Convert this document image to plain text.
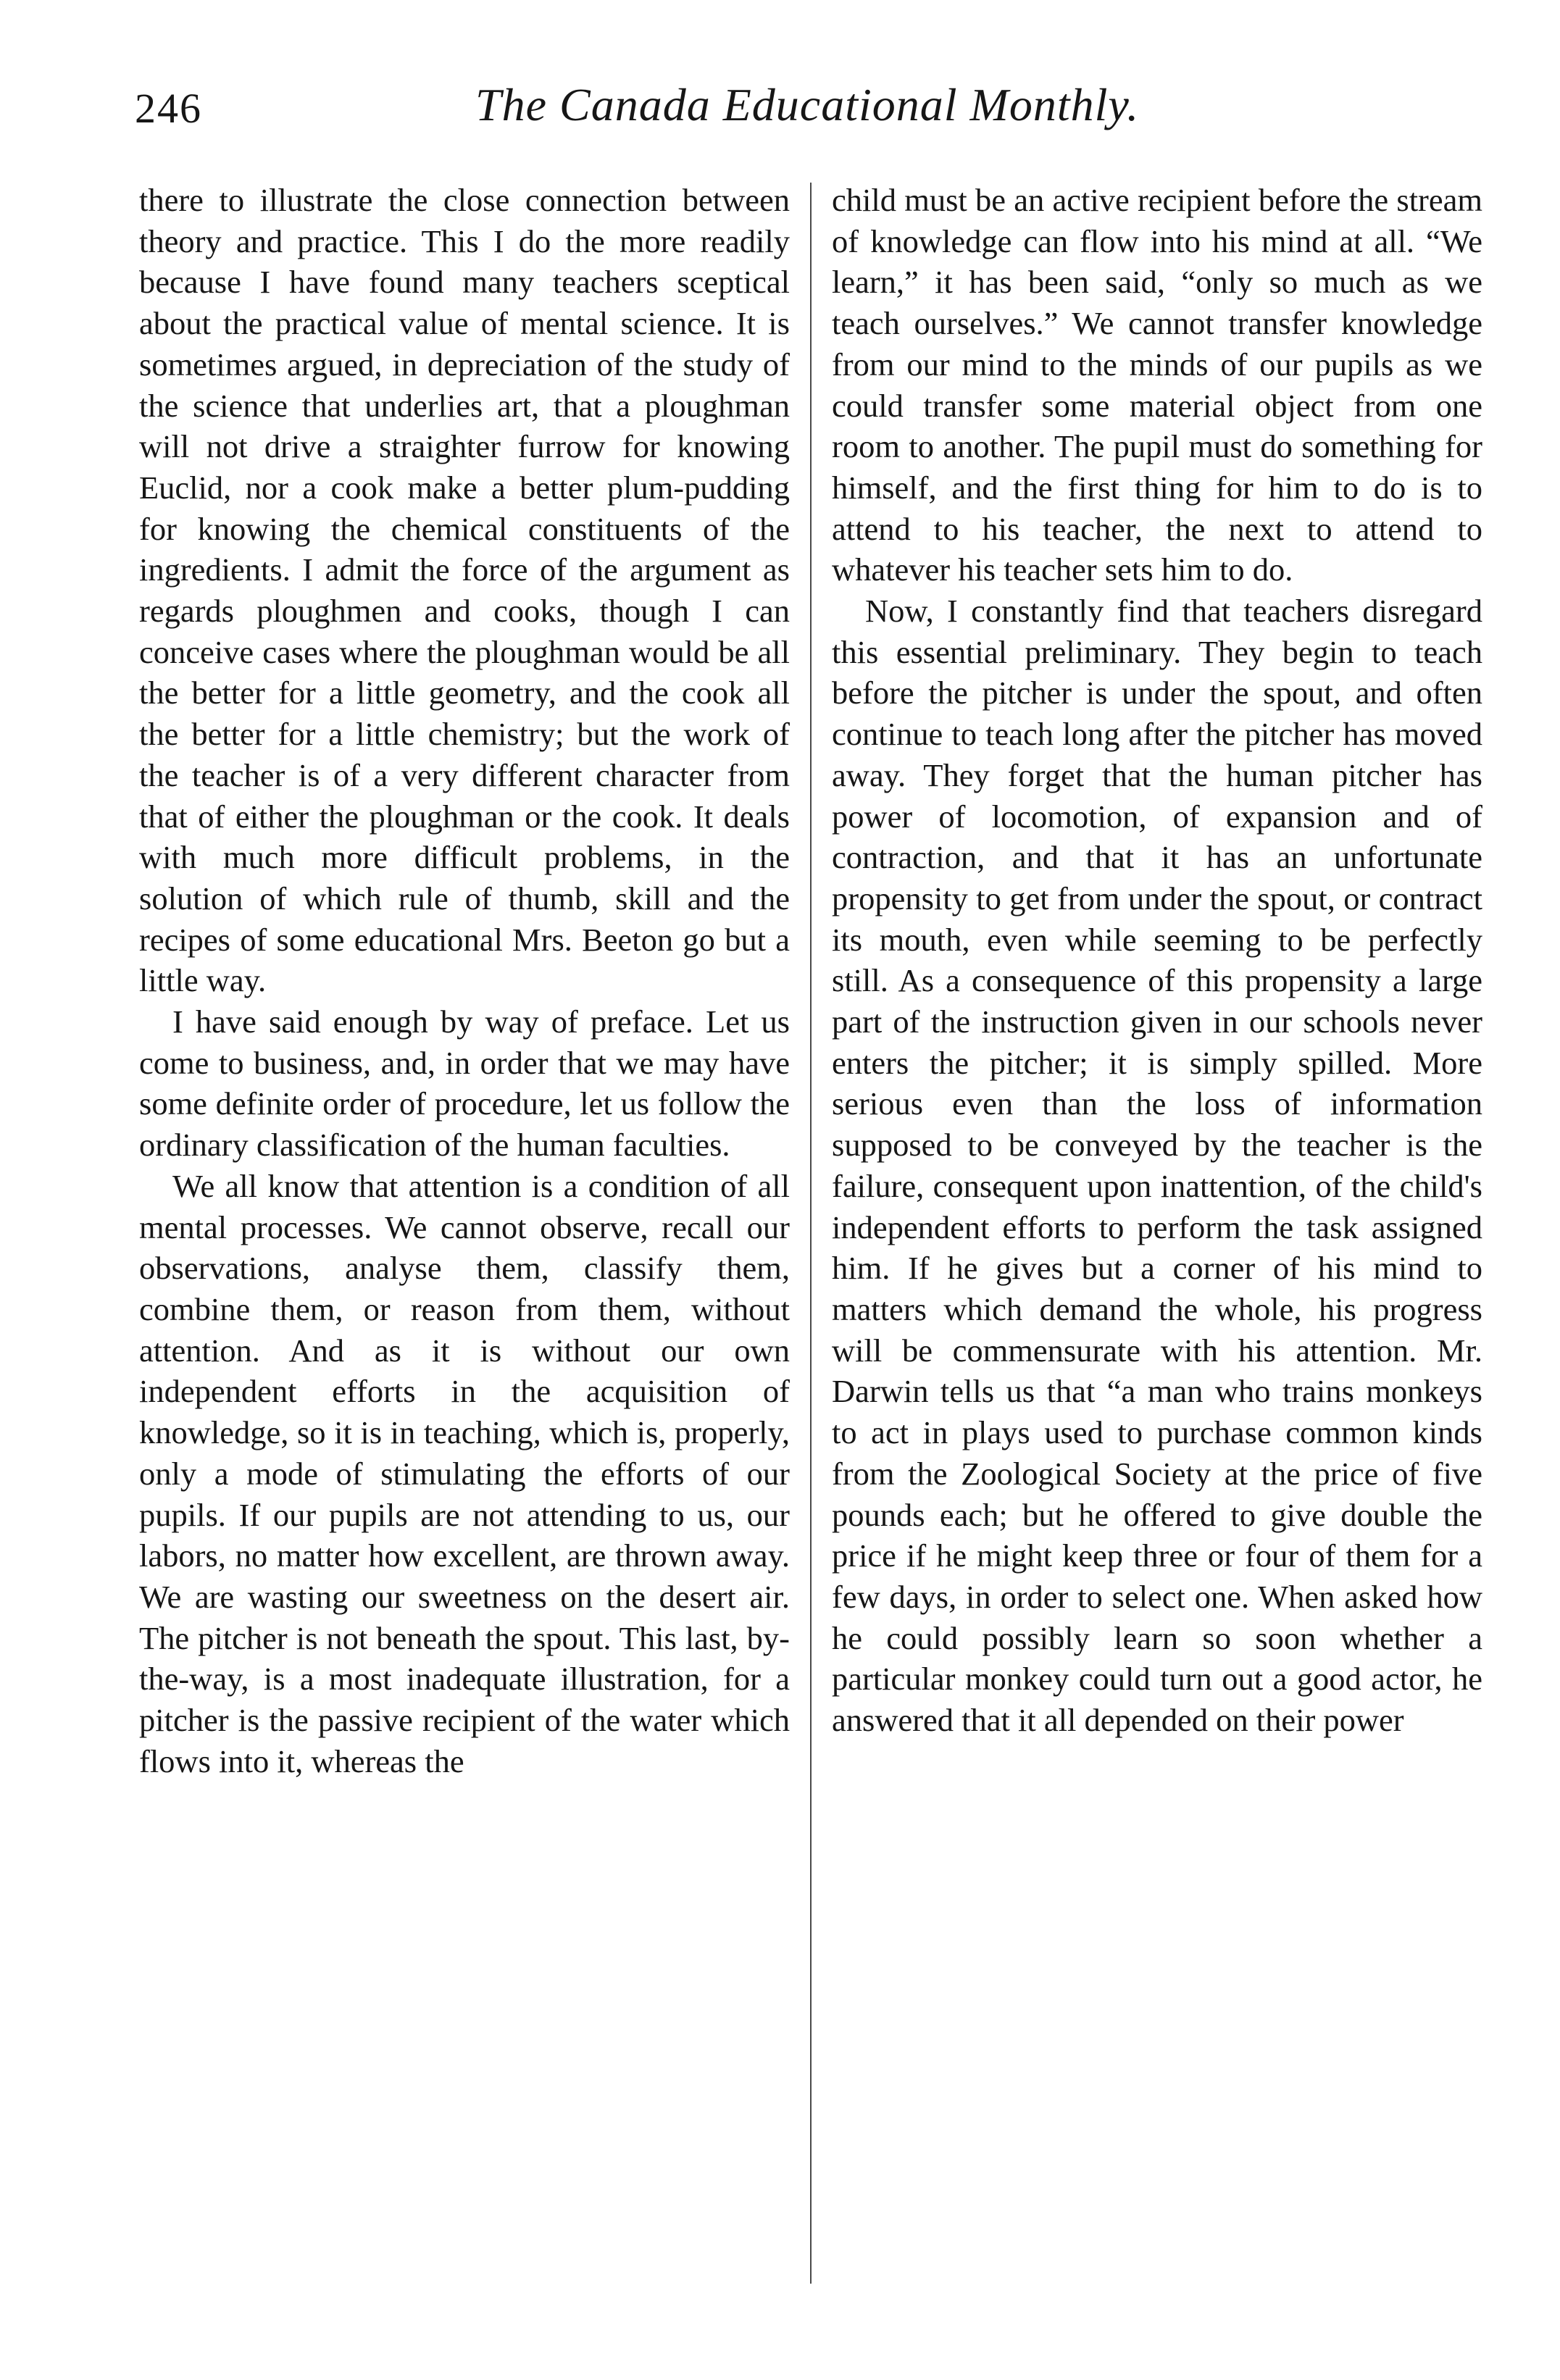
246	The Canada Educational Monthly.

there to illustrate the close connection between theory and practice. This I do the more readily because I have found many teachers sceptical about the practical value of mental science. It is sometimes argued, in depreciation of the study of the science that underlies art, that a ploughman will not drive a straighter furrow for knowing Euclid, nor a cook make a better plum-pudding for knowing the chemical constituents of the ingredients. I admit the force of the argument as regards ploughmen and cooks, though I can conceive cases where the ploughman would be all the better for a little geometry, and the cook all the better for a little chemistry; but the work of the teacher is of a very different character from that of either the ploughman or the cook. It deals with much more difficult problems, in the solution of which rule of thumb, skill and the recipes of some educational Mrs. Beeton go but a little way.

I have said enough by way of preface. Let us come to business, and, in order that we may have some definite order of procedure, let us follow the ordinary classification of the human faculties.

We all know that attention is a condition of all mental processes. We cannot observe, recall our observations, analyse them, classify them, combine them, or reason from them, without attention. And as it is without our own independent efforts in the acquisition of knowledge, so it is in teaching, which is, properly, only a mode of stimulating the efforts of our pupils. If our pupils are not attending to us, our labors, no matter how excellent, are thrown away. We are wasting our sweetness on the desert air. The pitcher is not beneath the spout. This last, by-the-way, is a most inadequate illustration, for a pitcher is the passive recipient of the water which flows into it, whereas the

child must be an active recipient before the stream of knowledge can flow into his mind at all. “We learn,” it has been said, “only so much as we teach ourselves.” We cannot transfer knowledge from our mind to the minds of our pupils as we could transfer some material object from one room to another. The pupil must do something for himself, and the first thing for him to do is to attend to his teacher, the next to attend to whatever his teacher sets him to do.

Now, I constantly find that teachers disregard this essential preliminary. They begin to teach before the pitcher is under the spout, and often continue to teach long after the pitcher has moved away. They forget that the human pitcher has power of locomotion, of expansion and of contraction, and that it has an unfortunate propensity to get from under the spout, or contract its mouth, even while seeming to be perfectly still. As a consequence of this propensity a large part of the instruction given in our schools never enters the pitcher; it is simply spilled. More serious even than the loss of information supposed to be conveyed by the teacher is the failure, consequent upon inattention, of the child's independent efforts to perform the task assigned him. If he gives but a corner of his mind to matters which demand the whole, his progress will be commensurate with his attention. Mr. Darwin tells us that “a man who trains monkeys to act in plays used to purchase common kinds from the Zoological Society at the price of five pounds each; but he offered to give double the price if he might keep three or four of them for a few days, in order to select one. When asked how he could possibly learn so soon whether a particular monkey could turn out a good actor, he answered that it all depended on their power
